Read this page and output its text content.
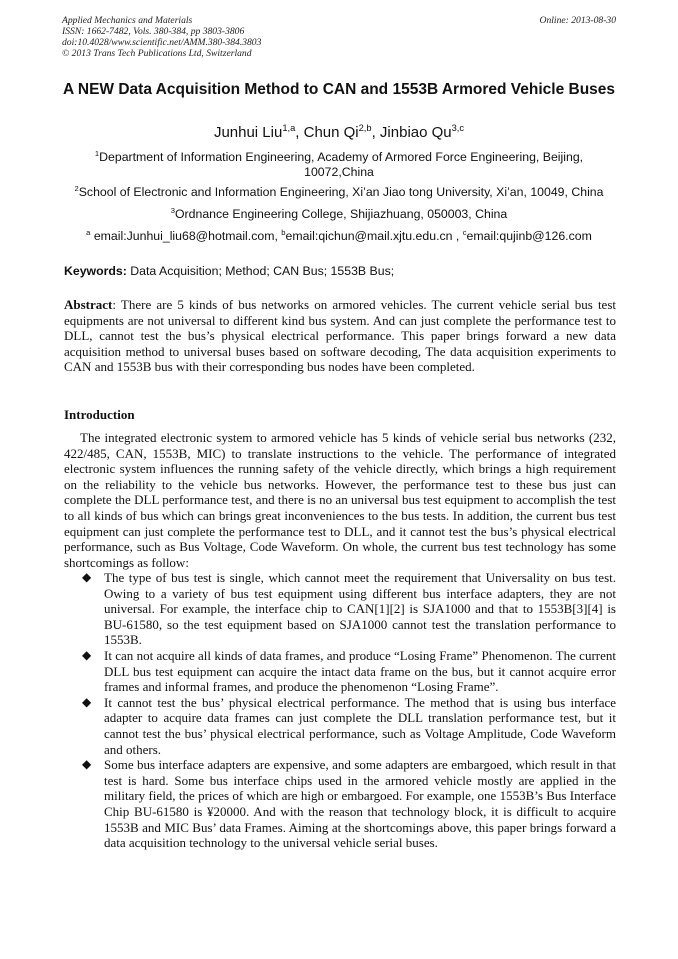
Applied Mechanics and Materials
ISSN: 1662-7482, Vols. 380-384, pp 3803-3806
doi:10.4028/www.scientific.net/AMM.380-384.3803
© 2013 Trans Tech Publications Ltd, Switzerland
Online: 2013-08-30
A NEW Data Acquisition Method to CAN and 1553B Armored Vehicle Buses
Junhui Liu$^{1,a}$, Chun Qi$^{2,b}$, Jinbiao Qu$^{3,c}$
$^1$Department of Information Engineering, Academy of Armored Force Engineering, Beijing, 10072,China
$^2$School of Electronic and Information Engineering, Xi’an Jiao tong University, Xi’an, 10049, China
$^3$Ordnance Engineering College, Shijiazhuang, 050003, China
$^a$ email:Junhui_liu68@hotmail.com, $^b$email:qichun@mail.xjtu.edu.cn , $^c$email:qujinb@126.com
Keywords: Data Acquisition; Method; CAN Bus; 1553B Bus;
Abstract: There are 5 kinds of bus networks on armored vehicles. The current vehicle serial bus test equipments are not universal to different kind bus system. And can just complete the performance test to DLL, cannot test the bus’s physical electrical performance. This paper brings forward a new data acquisition method to universal buses based on software decoding, The data acquisition experiments to CAN and 1553B bus with their corresponding bus nodes have been completed.
Introduction
The integrated electronic system to armored vehicle has 5 kinds of vehicle serial bus networks (232, 422/485, CAN, 1553B, MIC) to translate instructions to the vehicle. The performance of integrated electronic system influences the running safety of the vehicle directly, which brings a high requirement on the reliability to the vehicle bus networks. However, the performance test to these bus just can complete the DLL performance test, and there is no an universal bus test equipment to accomplish the test to all kinds of bus which can brings great inconveniences to the bus tests. In addition, the current bus test equipment can just complete the performance test to DLL, and it cannot test the bus’s physical electrical performance, such as Bus Voltage, Code Waveform. On whole, the current bus test technology has some shortcomings as follow:
◆ The type of bus test is single, which cannot meet the requirement that Universality on bus test. Owing to a variety of bus test equipment using different bus interface adapters, they are not universal. For example, the interface chip to CAN[1][2] is SJA1000 and that to 1553B[3][4] is BU-61580, so the test equipment based on SJA1000 cannot test the translation performance to 1553B.
◆ It can not acquire all kinds of data frames, and produce “Losing Frame” Phenomenon. The current DLL bus test equipment can acquire the intact data frame on the bus, but it cannot acquire error frames and informal frames, and produce the phenomenon “Losing Frame”.
◆ It cannot test the bus’ physical electrical performance. The method that is using bus interface adapter to acquire data frames can just complete the DLL translation performance test, but it cannot test the bus’ physical electrical performance, such as Voltage Amplitude, Code Waveform and others.
◆ Some bus interface adapters are expensive, and some adapters are embargoed, which result in that test is hard. Some bus interface chips used in the armored vehicle mostly are applied in the military field, the prices of which are high or embargoed. For example, one 1553B’s Bus Interface Chip BU-61580 is ¥20000. And with the reason that technology block, it is difficult to acquire 1553B and MIC Bus’ data Frames. Aiming at the shortcomings above, this paper brings forward a data acquisition technology to the universal vehicle serial buses.
